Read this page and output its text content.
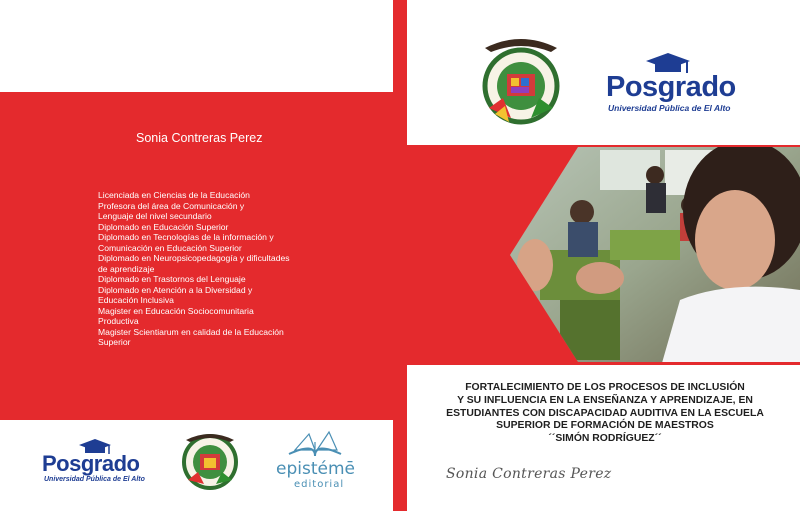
Sonia Contreras Perez
Licenciada en Ciencias de la Educación
Profesora del área de Comunicación y
Lenguaje del nivel secundario
Diplomado en Educación Superior
Diplomado en Tecnologías de la información y
Comunicación en Educación Superior
Diplomado en Neuropsicopedagogía y dificultades
de aprendizaje
Diplomado en Trastornos del Lenguaje
Diplomado en Atención a la Diversidad y
Educación Inclusiva
Magister en Educación Sociocomunitaria
Productiva
Magister Scientiarum en calidad de la Educación
Superior
Posgrado
Universidad Pública de El Alto
epistémē
editorial
Posgrado
Universidad Pública de El Alto
FORTALECIMIENTO DE LOS PROCESOS DE INCLUSIÓN
Y SU INFLUENCIA EN LA ENSEÑANZA Y APRENDIZAJE, EN
ESTUDIANTES CON DISCAPACIDAD AUDITIVA EN LA ESCUELA
SUPERIOR DE FORMACIÓN DE MAESTROS
´´SIMÓN RODRÍGUEZ´´
Sonia Contreras Perez
